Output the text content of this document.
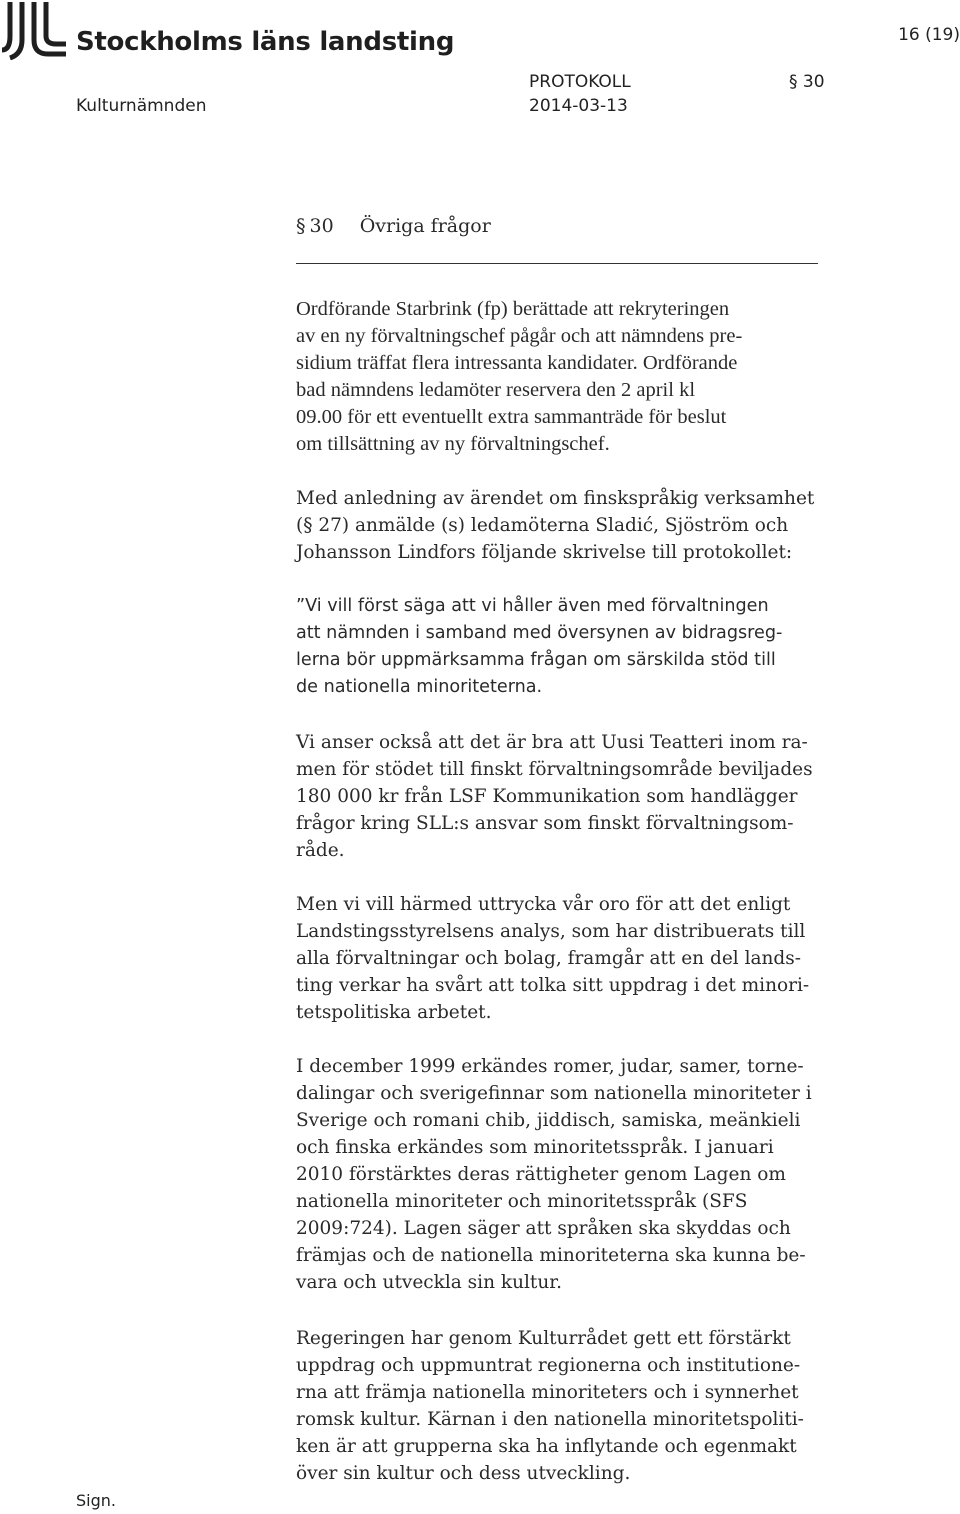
Stockholms läns landsting	16 (19)
Kulturnämnden
PROTOKOLL
2014-03-13
§ 30
§ 30 Övriga frågor
Ordförande Starbrink (fp) berättade att rekryteringen
av en ny förvaltningschef pågår och att nämndens pre-
sidium träffat flera intressanta kandidater. Ordförande
bad nämndens ledamöter reservera den 2 april kl
09.00 för ett eventuellt extra sammanträde för beslut
om tillsättning av ny förvaltningschef.
Med anledning av ärendet om finskspråkig verksamhet
(§ 27) anmälde (s) ledamöterna Sladić, Sjöström och
Johansson Lindfors följande skrivelse till protokollet:
”Vi vill först säga att vi håller även med förvaltningen
att nämnden i samband med översynen av bidragsreg-
lerna bör uppmärksamma frågan om särskilda stöd till
de nationella minoriteterna.
Vi anser också att det är bra att Uusi Teatteri inom ra-
men för stödet till finskt förvaltningsområde beviljades
180 000 kr från LSF Kommunikation som handlägger
frågor kring SLL:s ansvar som finskt förvaltningsom-
råde.
Men vi vill härmed uttrycka vår oro för att det enligt
Landstingsstyrelsens analys, som har distribuerats till
alla förvaltningar och bolag, framgår att en del lands-
ting verkar ha svårt att tolka sitt uppdrag i det minori-
tetspolitiska arbetet.
I december 1999 erkändes romer, judar, samer, torne-
dalingar och sverigefinnar som nationella minoriteter i
Sverige och romani chib, jiddisch, samiska, meänkieli
och finska erkändes som minoritetsspråk. I januari
2010 förstärktes deras rättigheter genom Lagen om
nationella minoriteter och minoritetsspråk (SFS
2009:724). Lagen säger att språken ska skyddas och
främjas och de nationella minoriteterna ska kunna be-
vara och utveckla sin kultur.
Regeringen har genom Kulturrådet gett ett förstärkt
uppdrag och uppmuntrat regionerna och institutione-
rna att främja nationella minoriteters och i synnerhet
romsk kultur. Kärnan i den nationella minoritetspoliti-
ken är att grupperna ska ha inflytande och egenmakt
över sin kultur och dess utveckling.
Sign.
